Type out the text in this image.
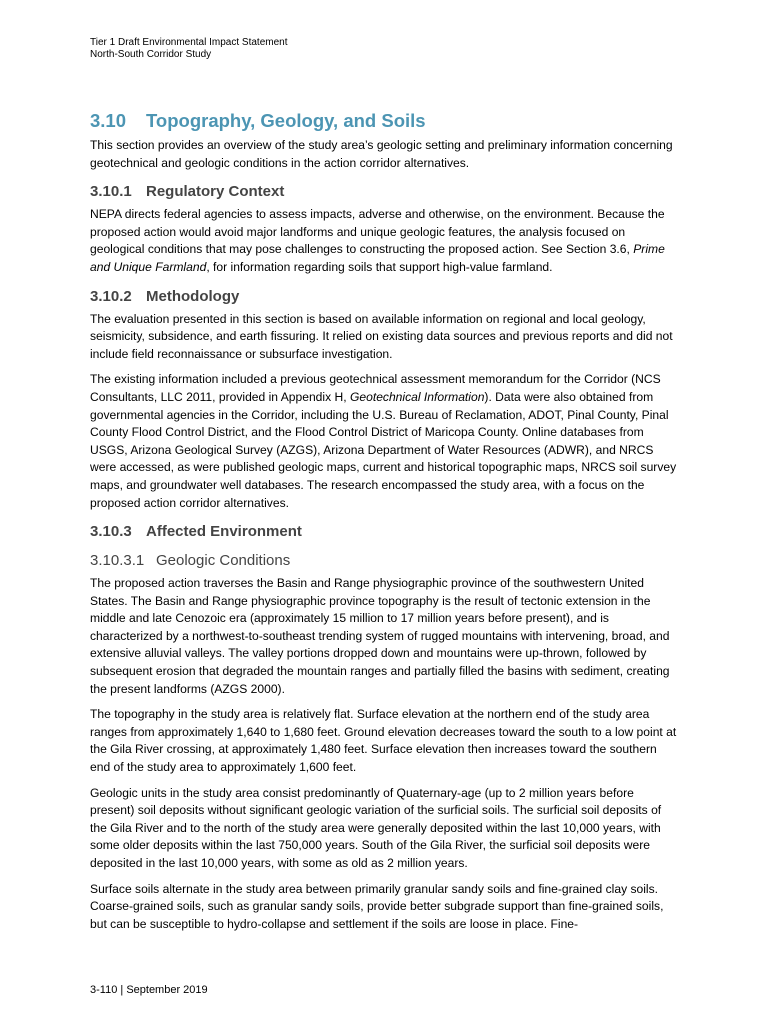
Tier 1 Draft Environmental Impact Statement
North-South Corridor Study
3.10 Topography, Geology, and Soils

This section provides an overview of the study area’s geologic setting and preliminary information concerning geotechnical and geologic conditions in the action corridor alternatives.

3.10.1 Regulatory Context

NEPA directs federal agencies to assess impacts, adverse and otherwise, on the environment. Because the proposed action would avoid major landforms and unique geologic features, the analysis focused on geological conditions that may pose challenges to constructing the proposed action. See Section 3.6, Prime and Unique Farmland, for information regarding soils that support high-value farmland.

3.10.2 Methodology

The evaluation presented in this section is based on available information on regional and local geology, seismicity, subsidence, and earth fissuring. It relied on existing data sources and previous reports and did not include field reconnaissance or subsurface investigation.

The existing information included a previous geotechnical assessment memorandum for the Corridor (NCS Consultants, LLC 2011, provided in Appendix H, Geotechnical Information). Data were also obtained from governmental agencies in the Corridor, including the U.S. Bureau of Reclamation, ADOT, Pinal County, Pinal County Flood Control District, and the Flood Control District of Maricopa County. Online databases from USGS, Arizona Geological Survey (AZGS), Arizona Department of Water Resources (ADWR), and NRCS were accessed, as were published geologic maps, current and historical topographic maps, NRCS soil survey maps, and groundwater well databases. The research encompassed the study area, with a focus on the proposed action corridor alternatives.

3.10.3 Affected Environment
3.10.3.1 Geologic Conditions

The proposed action traverses the Basin and Range physiographic province of the southwestern United States. The Basin and Range physiographic province topography is the result of tectonic extension in the middle and late Cenozoic era (approximately 15 million to 17 million years before present), and is characterized by a northwest-to-southeast trending system of rugged mountains with intervening, broad, and extensive alluvial valleys. The valley portions dropped down and mountains were up-thrown, followed by subsequent erosion that degraded the mountain ranges and partially filled the basins with sediment, creating the present landforms (AZGS 2000).

The topography in the study area is relatively flat. Surface elevation at the northern end of the study area ranges from approximately 1,640 to 1,680 feet. Ground elevation decreases toward the south to a low point at the Gila River crossing, at approximately 1,480 feet. Surface elevation then increases toward the southern end of the study area to approximately 1,600 feet.

Geologic units in the study area consist predominantly of Quaternary-age (up to 2 million years before present) soil deposits without significant geologic variation of the surficial soils. The surficial soil deposits of the Gila River and to the north of the study area were generally deposited within the last 10,000 years, with some older deposits within the last 750,000 years. South of the Gila River, the surficial soil deposits were deposited in the last 10,000 years, with some as old as 2 million years.

Surface soils alternate in the study area between primarily granular sandy soils and fine-grained clay soils. Coarse-grained soils, such as granular sandy soils, provide better subgrade support than fine-grained soils, but can be susceptible to hydro-collapse and settlement if the soils are loose in place. Fine-

3-110 | September 2019
